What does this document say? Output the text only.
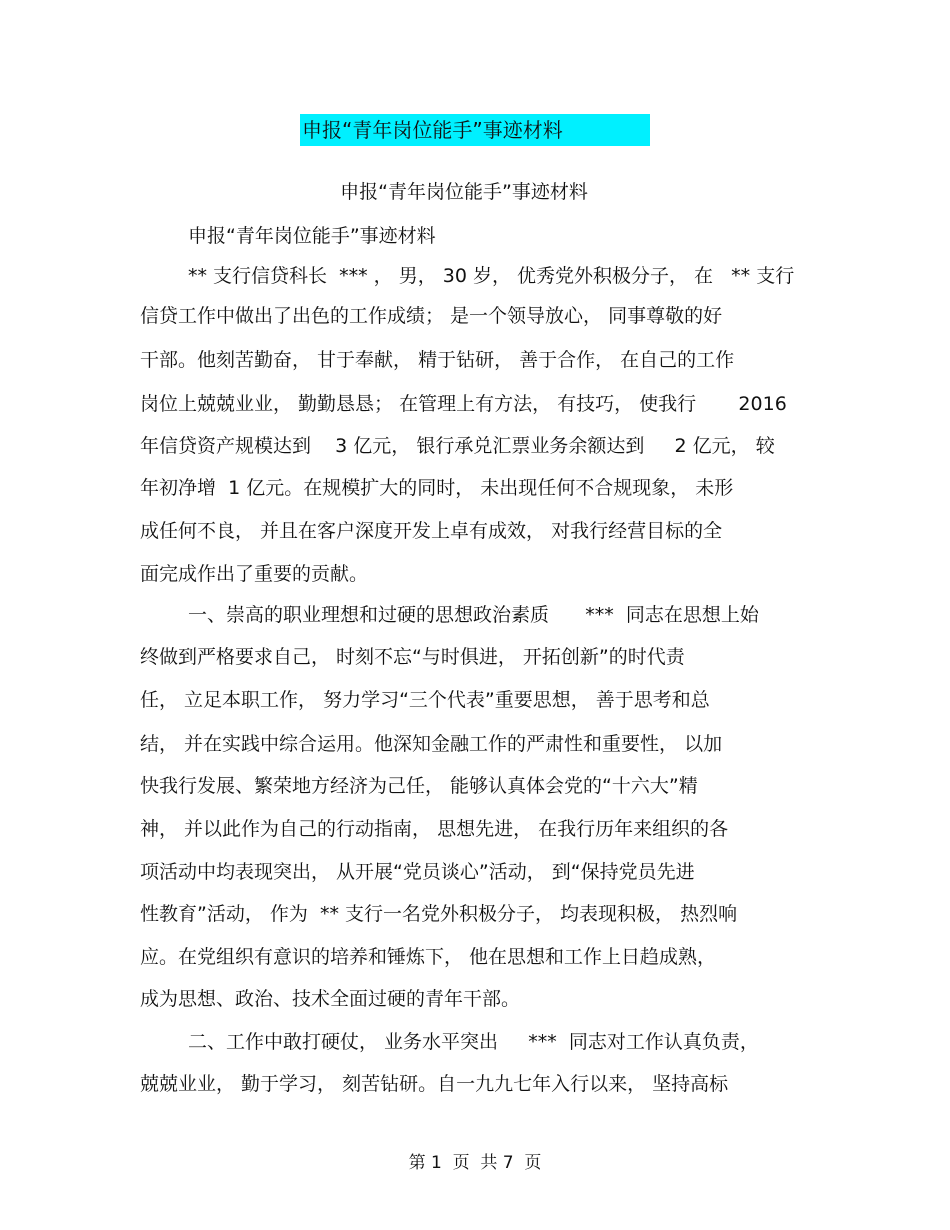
申报“青年岗位能手”事迹材料
申报“青年岗位能手”事迹材料
申报“青年岗位能手”事迹材料
** 支行信贷科长  *** ， 男， 30 岁， 优秀党外积极分子， 在   ** 支行
信贷工作中做出了出色的工作成绩； 是一个领导放心， 同事尊敬的好
干部。他刻苦勤奋， 甘于奉献， 精于钻研， 善于合作， 在自己的工作
岗位上兢兢业业， 勤勤恳恳； 在管理上有方法， 有技巧， 使我行       2016
年信贷资产规模达到    3 亿元， 银行承兑汇票业务余额达到     2 亿元， 较
年初净增  1 亿元。在规模扩大的同时， 未出现任何不合规现象， 未形
成任何不良， 并且在客户深度开发上卓有成效， 对我行经营目标的全
面完成作出了重要的贡献。
一、崇高的职业理想和过硬的思想政治素质      ***  同志在思想上始
终做到严格要求自己， 时刻不忘“与时俱进， 开拓创新”的时代责
任， 立足本职工作， 努力学习“三个代表”重要思想， 善于思考和总
结， 并在实践中综合运用。他深知金融工作的严肃性和重要性， 以加
快我行发展、繁荣地方经济为己任， 能够认真体会党的“十六大”精
神， 并以此作为自己的行动指南， 思想先进， 在我行历年来组织的各
项活动中均表现突出， 从开展“党员谈心”活动， 到“保持党员先进
性教育”活动， 作为  ** 支行一名党外积极分子， 均表现积极， 热烈响
应。在党组织有意识的培养和锤炼下， 他在思想和工作上日趋成熟，
成为思想、政治、技术全面过硬的青年干部。
二、工作中敢打硬仗， 业务水平突出     ***  同志对工作认真负责，
兢兢业业， 勤于学习， 刻苦钻研。自一九九七年入行以来， 坚持高标
第 1  页  共 7  页
